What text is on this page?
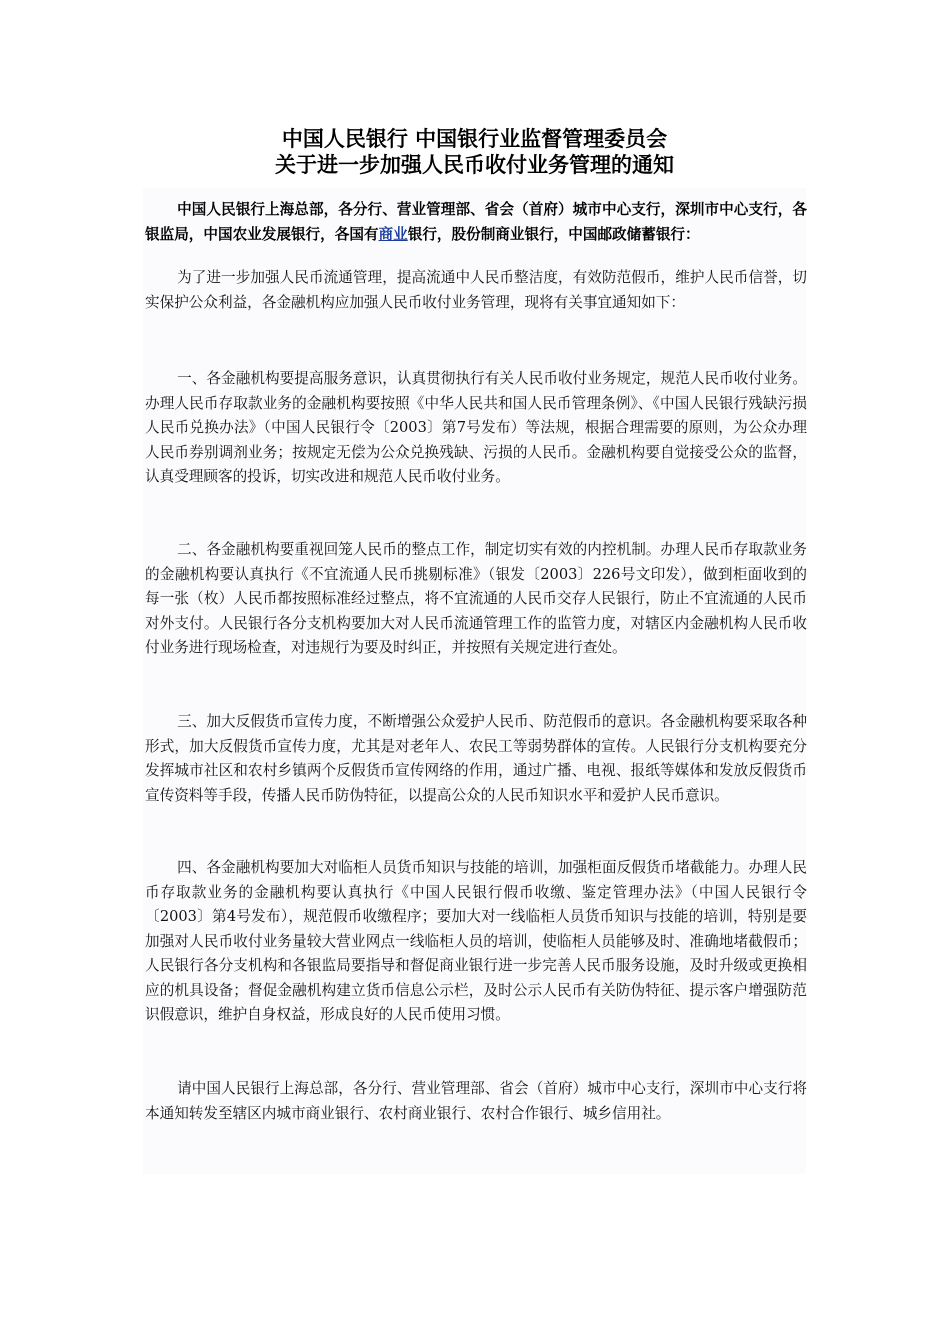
中国人民银行 中国银行业监督管理委员会
关于进一步加强人民币收付业务管理的通知
中国人民银行上海总部，各分行、营业管理部、省会（首府）城市中心支行，深圳市中心支行，各银监局，中国农业发展银行，各国有商业银行，股份制商业银行，中国邮政储蓄银行：
为了进一步加强人民币流通管理，提高流通中人民币整洁度，有效防范假币，维护人民币信誉，切实保护公众利益，各金融机构应加强人民币收付业务管理，现将有关事宜通知如下：
一、各金融机构要提高服务意识，认真贯彻执行有关人民币收付业务规定，规范人民币收付业务。办理人民币存取款业务的金融机构要按照《中华人民共和国人民币管理条例》、《中国人民银行残缺污损人民币兑换办法》（中国人民银行令〔2003〕第7号发布）等法规，根据合理需要的原则，为公众办理人民币券别调剂业务；按规定无偿为公众兑换残缺、污损的人民币。金融机构要自觉接受公众的监督，认真受理顾客的投诉，切实改进和规范人民币收付业务。
二、各金融机构要重视回笼人民币的整点工作，制定切实有效的内控机制。办理人民币存取款业务的金融机构要认真执行《不宜流通人民币挑剔标准》（银发〔2003〕226号文印发），做到柜面收到的每一张（枚）人民币都按照标准经过整点，将不宜流通的人民币交存人民银行，防止不宜流通的人民币对外支付。人民银行各分支机构要加大对人民币流通管理工作的监管力度，对辖区内金融机构人民币收付业务进行现场检查，对违规行为要及时纠正，并按照有关规定进行查处。
三、加大反假货币宣传力度，不断增强公众爱护人民币、防范假币的意识。各金融机构要采取各种形式，加大反假货币宣传力度，尤其是对老年人、农民工等弱势群体的宣传。人民银行分支机构要充分发挥城市社区和农村乡镇两个反假货币宣传网络的作用，通过广播、电视、报纸等媒体和发放反假货币宣传资料等手段，传播人民币防伪特征，以提高公众的人民币知识水平和爱护人民币意识。
四、各金融机构要加大对临柜人员货币知识与技能的培训，加强柜面反假货币堵截能力。办理人民币存取款业务的金融机构要认真执行《中国人民银行假币收缴、鉴定管理办法》（中国人民银行令〔2003〕第4号发布），规范假币收缴程序；要加大对一线临柜人员货币知识与技能的培训，特别是要加强对人民币收付业务量较大营业网点一线临柜人员的培训，使临柜人员能够及时、准确地堵截假币；人民银行各分支机构和各银监局要指导和督促商业银行进一步完善人民币服务设施，及时升级或更换相应的机具设备；督促金融机构建立货币信息公示栏，及时公示人民币有关防伪特征、提示客户增强防范识假意识，维护自身权益，形成良好的人民币使用习惯。
请中国人民银行上海总部，各分行、营业管理部、省会（首府）城市中心支行，深圳市中心支行将本通知转发至辖区内城市商业银行、农村商业银行、农村合作银行、城乡信用社。
